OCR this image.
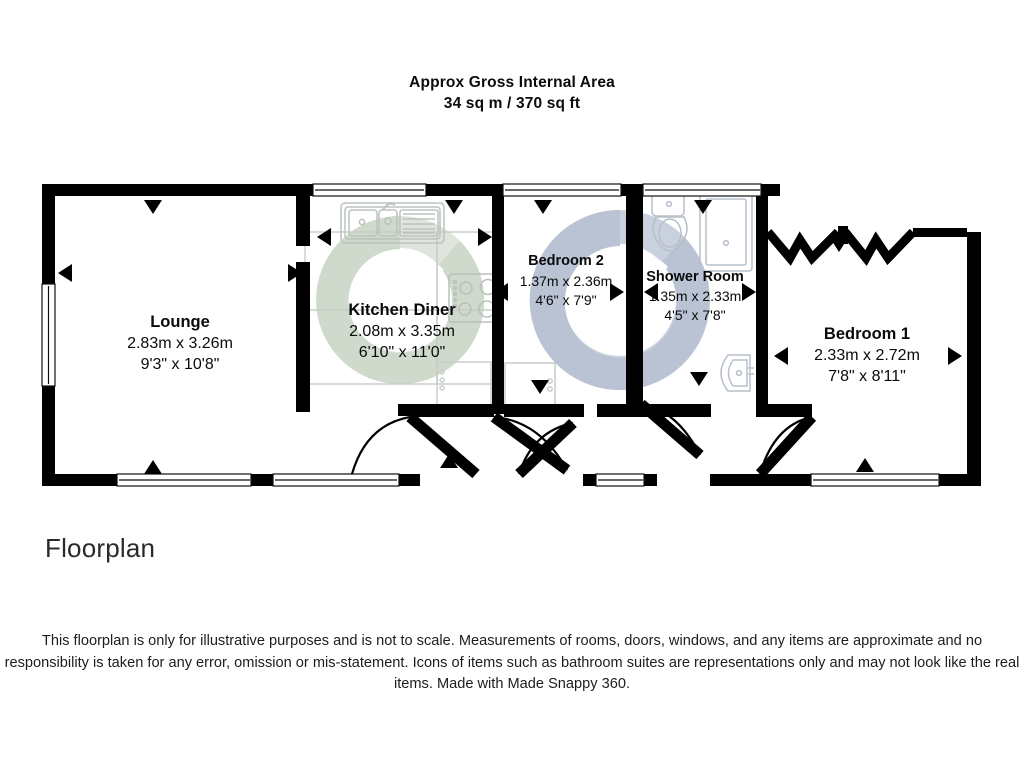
Approx Gross Internal Area
34 sq m / 370 sq ft
Lounge
2.83m x 3.26m
9'3" x 10'8"
Kitchen Diner
2.08m x 3.35m
6'10" x 11'0"
Bedroom 2
1.37m x 2.36m
4'6" x 7'9"
Shower Room
1.35m x 2.33m
4'5" x 7'8"
Bedroom 1
2.33m x 2.72m
7'8" x 8'11"
Floorplan
This floorplan is only for illustrative purposes and is not to scale. Measurements of rooms, doors, windows, and any items are approximate and no responsibility is taken for any error, omission or mis-statement. Icons of items such as bathroom suites are representations only and may not look like the real items. Made with Made Snappy 360.
